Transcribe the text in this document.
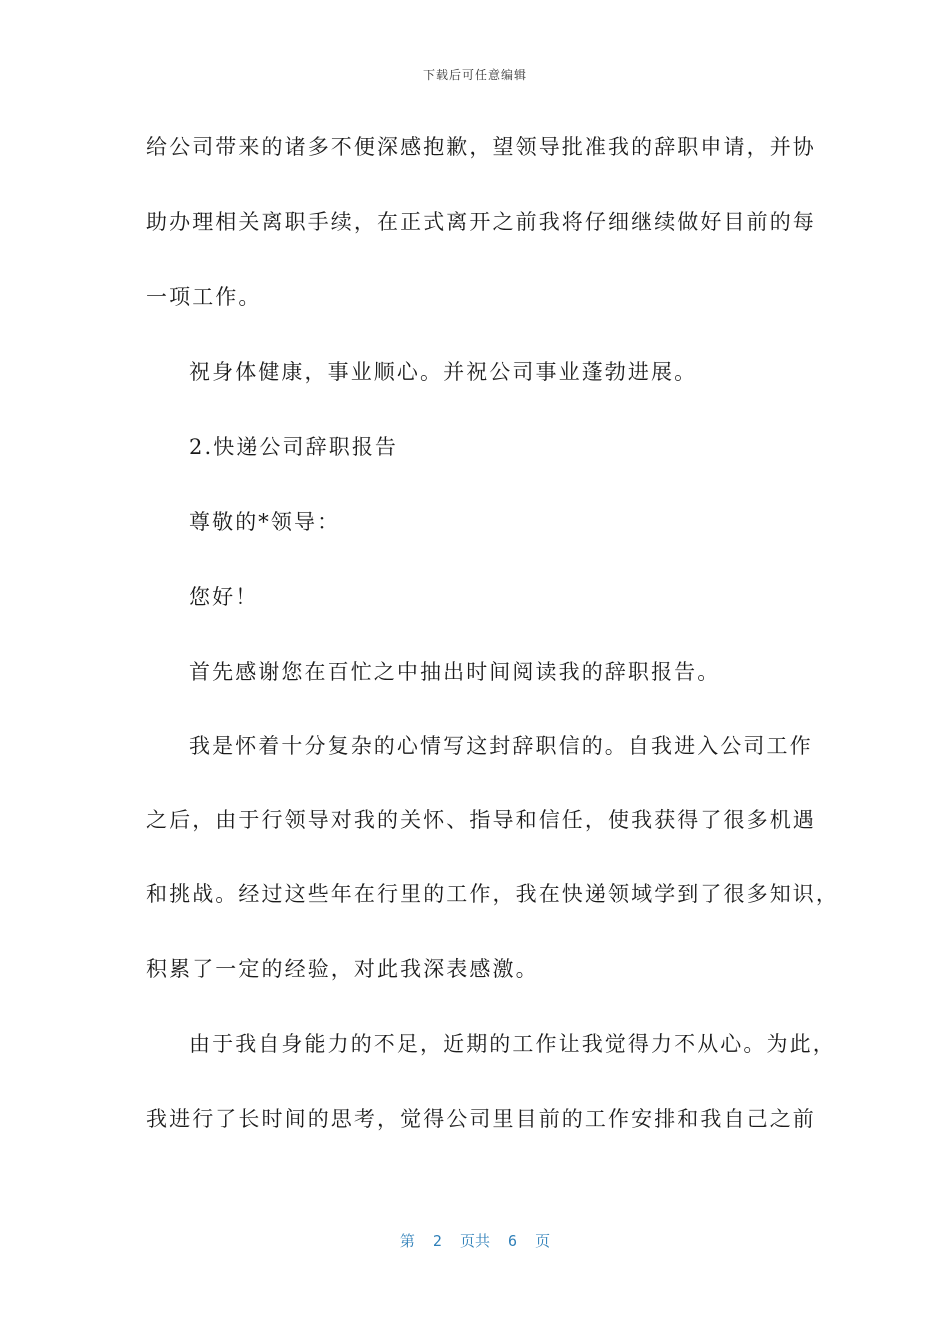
下载后可任意编辑
给公司带来的诸多不便深感抱歉，望领导批准我的辞职申请，并协
助办理相关离职手续，在正式离开之前我将仔细继续做好目前的每
一项工作。
祝身体健康，事业顺心。并祝公司事业蓬勃进展。
2.快递公司辞职报告
尊敬的*领导：
您好！
首先感谢您在百忙之中抽出时间阅读我的辞职报告。
我是怀着十分复杂的心情写这封辞职信的。自我进入公司工作
之后，由于行领导对我的关怀、指导和信任，使我获得了很多机遇
和挑战。经过这些年在行里的工作，我在快递领域学到了很多知识，
积累了一定的经验，对此我深表感激。
由于我自身能力的不足，近期的工作让我觉得力不从心。为此，
我进行了长时间的思考，觉得公司里目前的工作安排和我自己之前
第  2  页共  6  页
